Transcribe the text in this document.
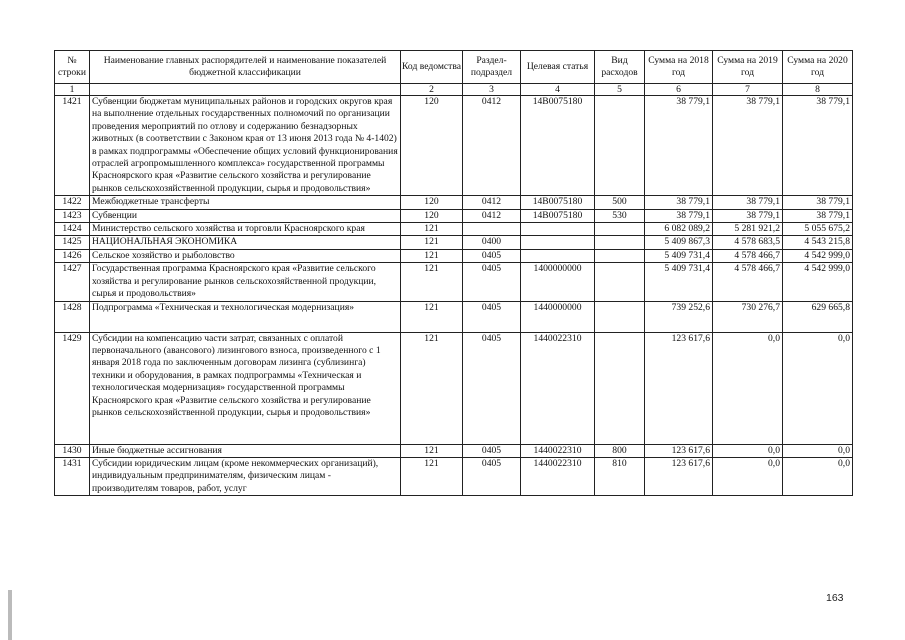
№ строки	Наименование главных распорядителей и наименование показателей бюджетной классификации	Код ведомства	Раздел-подраздел	Целевая статья	Вид расходов	Сумма на 2018 год	Сумма на 2019 год	Сумма на 2020 год
1		2	3	4	5	6	7	8
1421	Субвенции бюджетам муниципальных районов и городских округов края на выполнение отдельных государственных полномочий по организации проведения мероприятий по отлову и содержанию безнадзорных животных (в соответствии с Законом края от 13 июня 2013 года № 4-1402) в рамках подпрограммы «Обеспечение общих условий функционирования отраслей агропромышленного комплекса» государственной программы Красноярского края «Развитие сельского хозяйства и регулирование рынков сельскохозяйственной продукции, сырья и продовольствия»	120	0412	14В0075180		38 779,1	38 779,1	38 779,1
1422	Межбюджетные трансферты	120	0412	14В0075180	500	38 779,1	38 779,1	38 779,1
1423	Субвенции	120	0412	14В0075180	530	38 779,1	38 779,1	38 779,1
1424	Министерство сельского хозяйства и торговли Красноярского края	121				6 082 089,2	5 281 921,2	5 055 675,2
1425	НАЦИОНАЛЬНАЯ ЭКОНОМИКА	121	0400			5 409 867,3	4 578 683,5	4 543 215,8
1426	Сельское хозяйство и рыболовство	121	0405			5 409 731,4	4 578 466,7	4 542 999,0
1427	Государственная программа Красноярского края «Развитие сельского хозяйства и регулирование рынков сельскохозяйственной продукции, сырья и продовольствия»	121	0405	1400000000		5 409 731,4	4 578 466,7	4 542 999,0
1428	Подпрограмма «Техническая и технологическая модернизация»	121	0405	1440000000		739 252,6	730 276,7	629 665,8
1429	Субсидии на компенсацию части затрат, связанных с оплатой первоначального (авансового) лизингового взноса, произведенного с 1 января 2018 года по заключенным договорам лизинга (сублизинга) техники и оборудования, в рамках подпрограммы «Техническая и технологическая модернизация» государственной программы Красноярского края «Развитие сельского хозяйства и регулирование рынков сельскохозяйственной продукции, сырья и продовольствия»	121	0405	1440022310		123 617,6	0,0	0,0
1430	Иные бюджетные ассигнования	121	0405	1440022310	800	123 617,6	0,0	0,0
1431	Субсидии юридическим лицам (кроме некоммерческих организаций), индивидуальным предпринимателям, физическим лицам - производителям товаров, работ, услуг	121	0405	1440022310	810	123 617,6	0,0	0,0
163
